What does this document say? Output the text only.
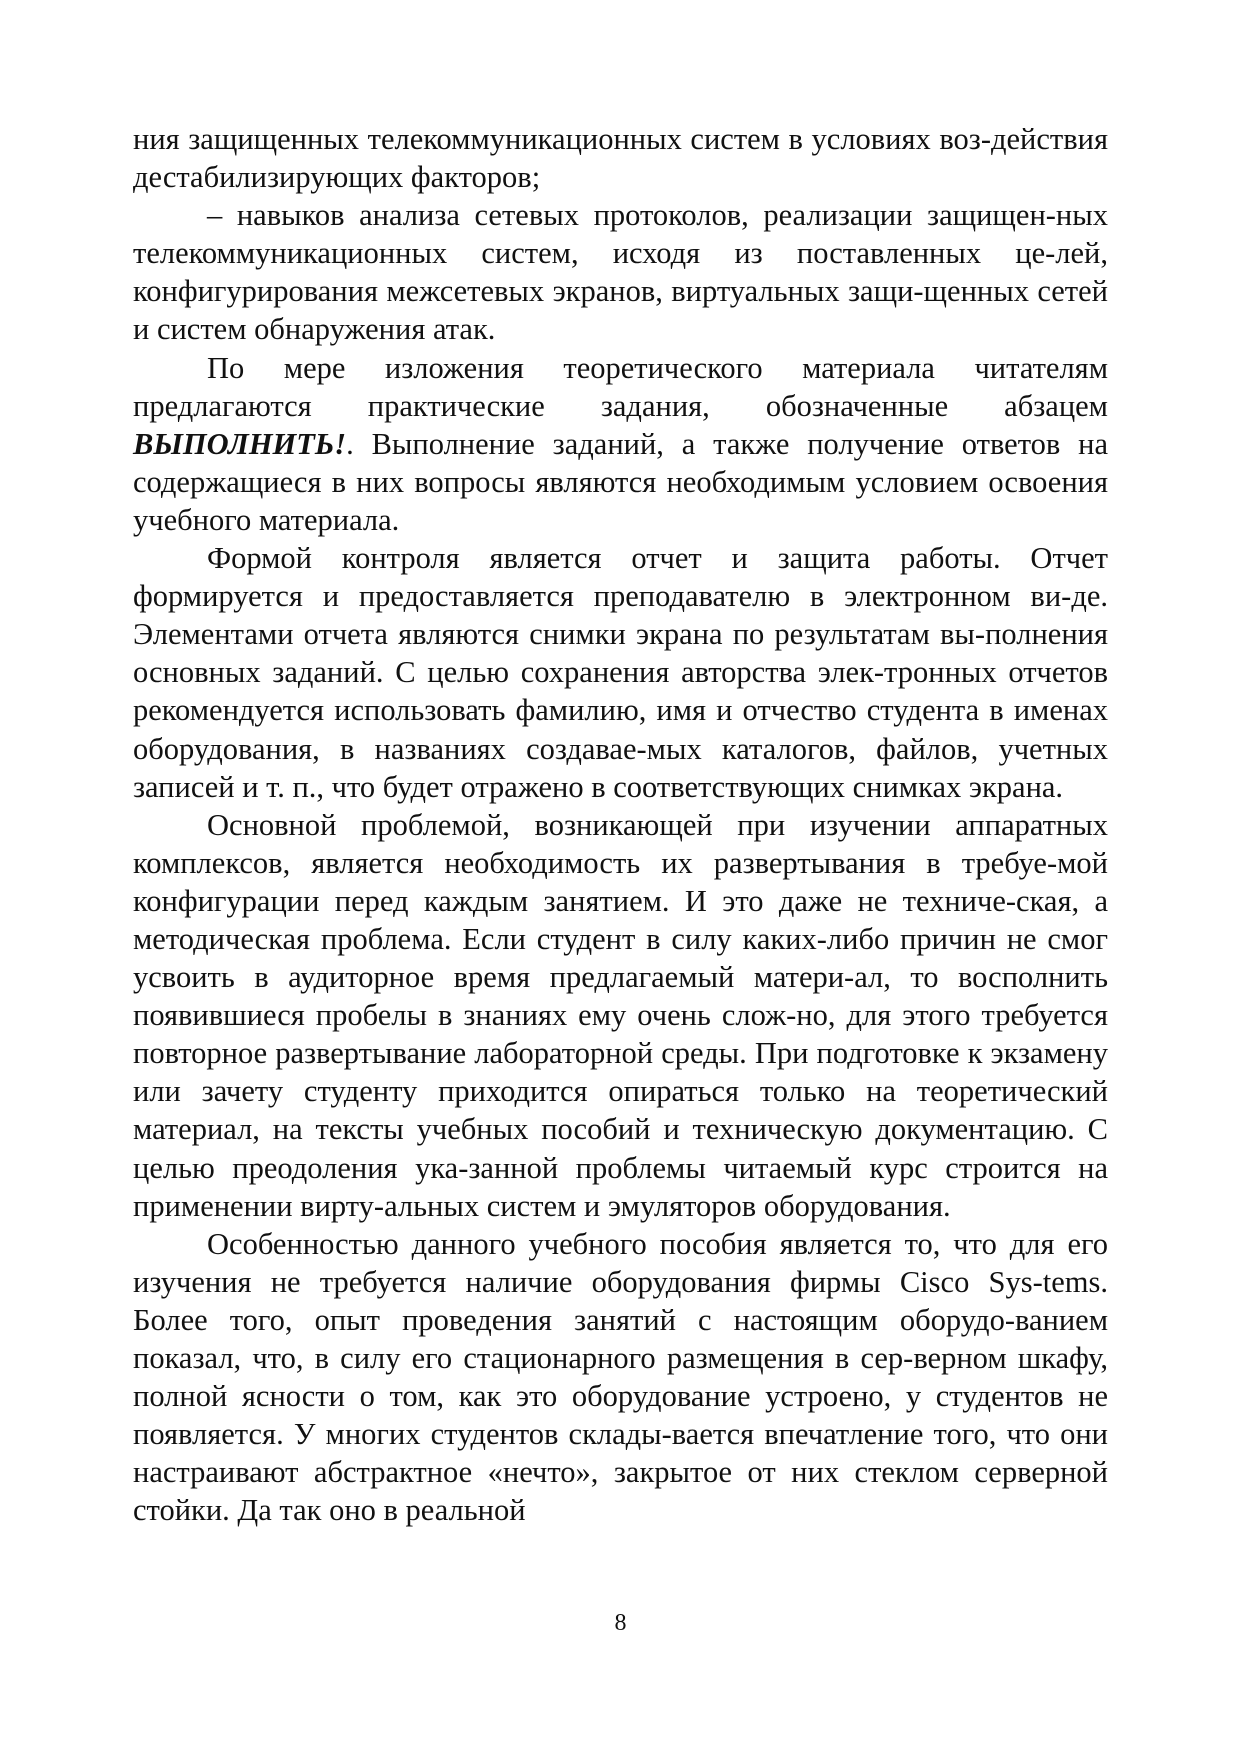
ния защищенных телекоммуникационных систем в условиях воз-действия дестабилизирующих факторов;

– навыков анализа сетевых протоколов, реализации защищен-ных телекоммуникационных систем, исходя из поставленных це-лей, конфигурирования межсетевых экранов, виртуальных защи-щенных сетей и систем обнаружения атак.

По мере изложения теоретического материала читателям предлагаются практические задания, обозначенные абзацем ВЫПОЛНИТЬ!. Выполнение заданий, а также получение ответов на содержащиеся в них вопросы являются необходимым условием освоения учебного материала.

Формой контроля является отчет и защита работы. Отчет формируется и предоставляется преподавателю в электронном ви-де. Элементами отчета являются снимки экрана по результатам вы-полнения основных заданий. С целью сохранения авторства элек-тронных отчетов рекомендуется использовать фамилию, имя и отчество студента в именах оборудования, в названиях создавае-мых каталогов, файлов, учетных записей и т. п., что будет отражено в соответствующих снимках экрана.

Основной проблемой, возникающей при изучении аппаратных комплексов, является необходимость их развертывания в требуе-мой конфигурации перед каждым занятием. И это даже не техниче-ская, а методическая проблема. Если студент в силу каких-либо причин не смог усвоить в аудиторное время предлагаемый матери-ал, то восполнить появившиеся пробелы в знаниях ему очень слож-но, для этого требуется повторное развертывание лабораторной среды. При подготовке к экзамену или зачету студенту приходится опираться только на теоретический материал, на тексты учебных пособий и техническую документацию. С целью преодоления ука-занной проблемы читаемый курс строится на применении вирту-альных систем и эмуляторов оборудования.

Особенностью данного учебного пособия является то, что для его изучения не требуется наличие оборудования фирмы Cisco Sys-tems. Более того, опыт проведения занятий с настоящим оборудо-ванием показал, что, в силу его стационарного размещения в сер-верном шкафу, полной ясности о том, как это оборудование устроено, у студентов не появляется. У многих студентов склады-вается впечатление того, что они настраивают абстрактное «нечто», закрытое от них стеклом серверной стойки. Да так оно в реальной

8
